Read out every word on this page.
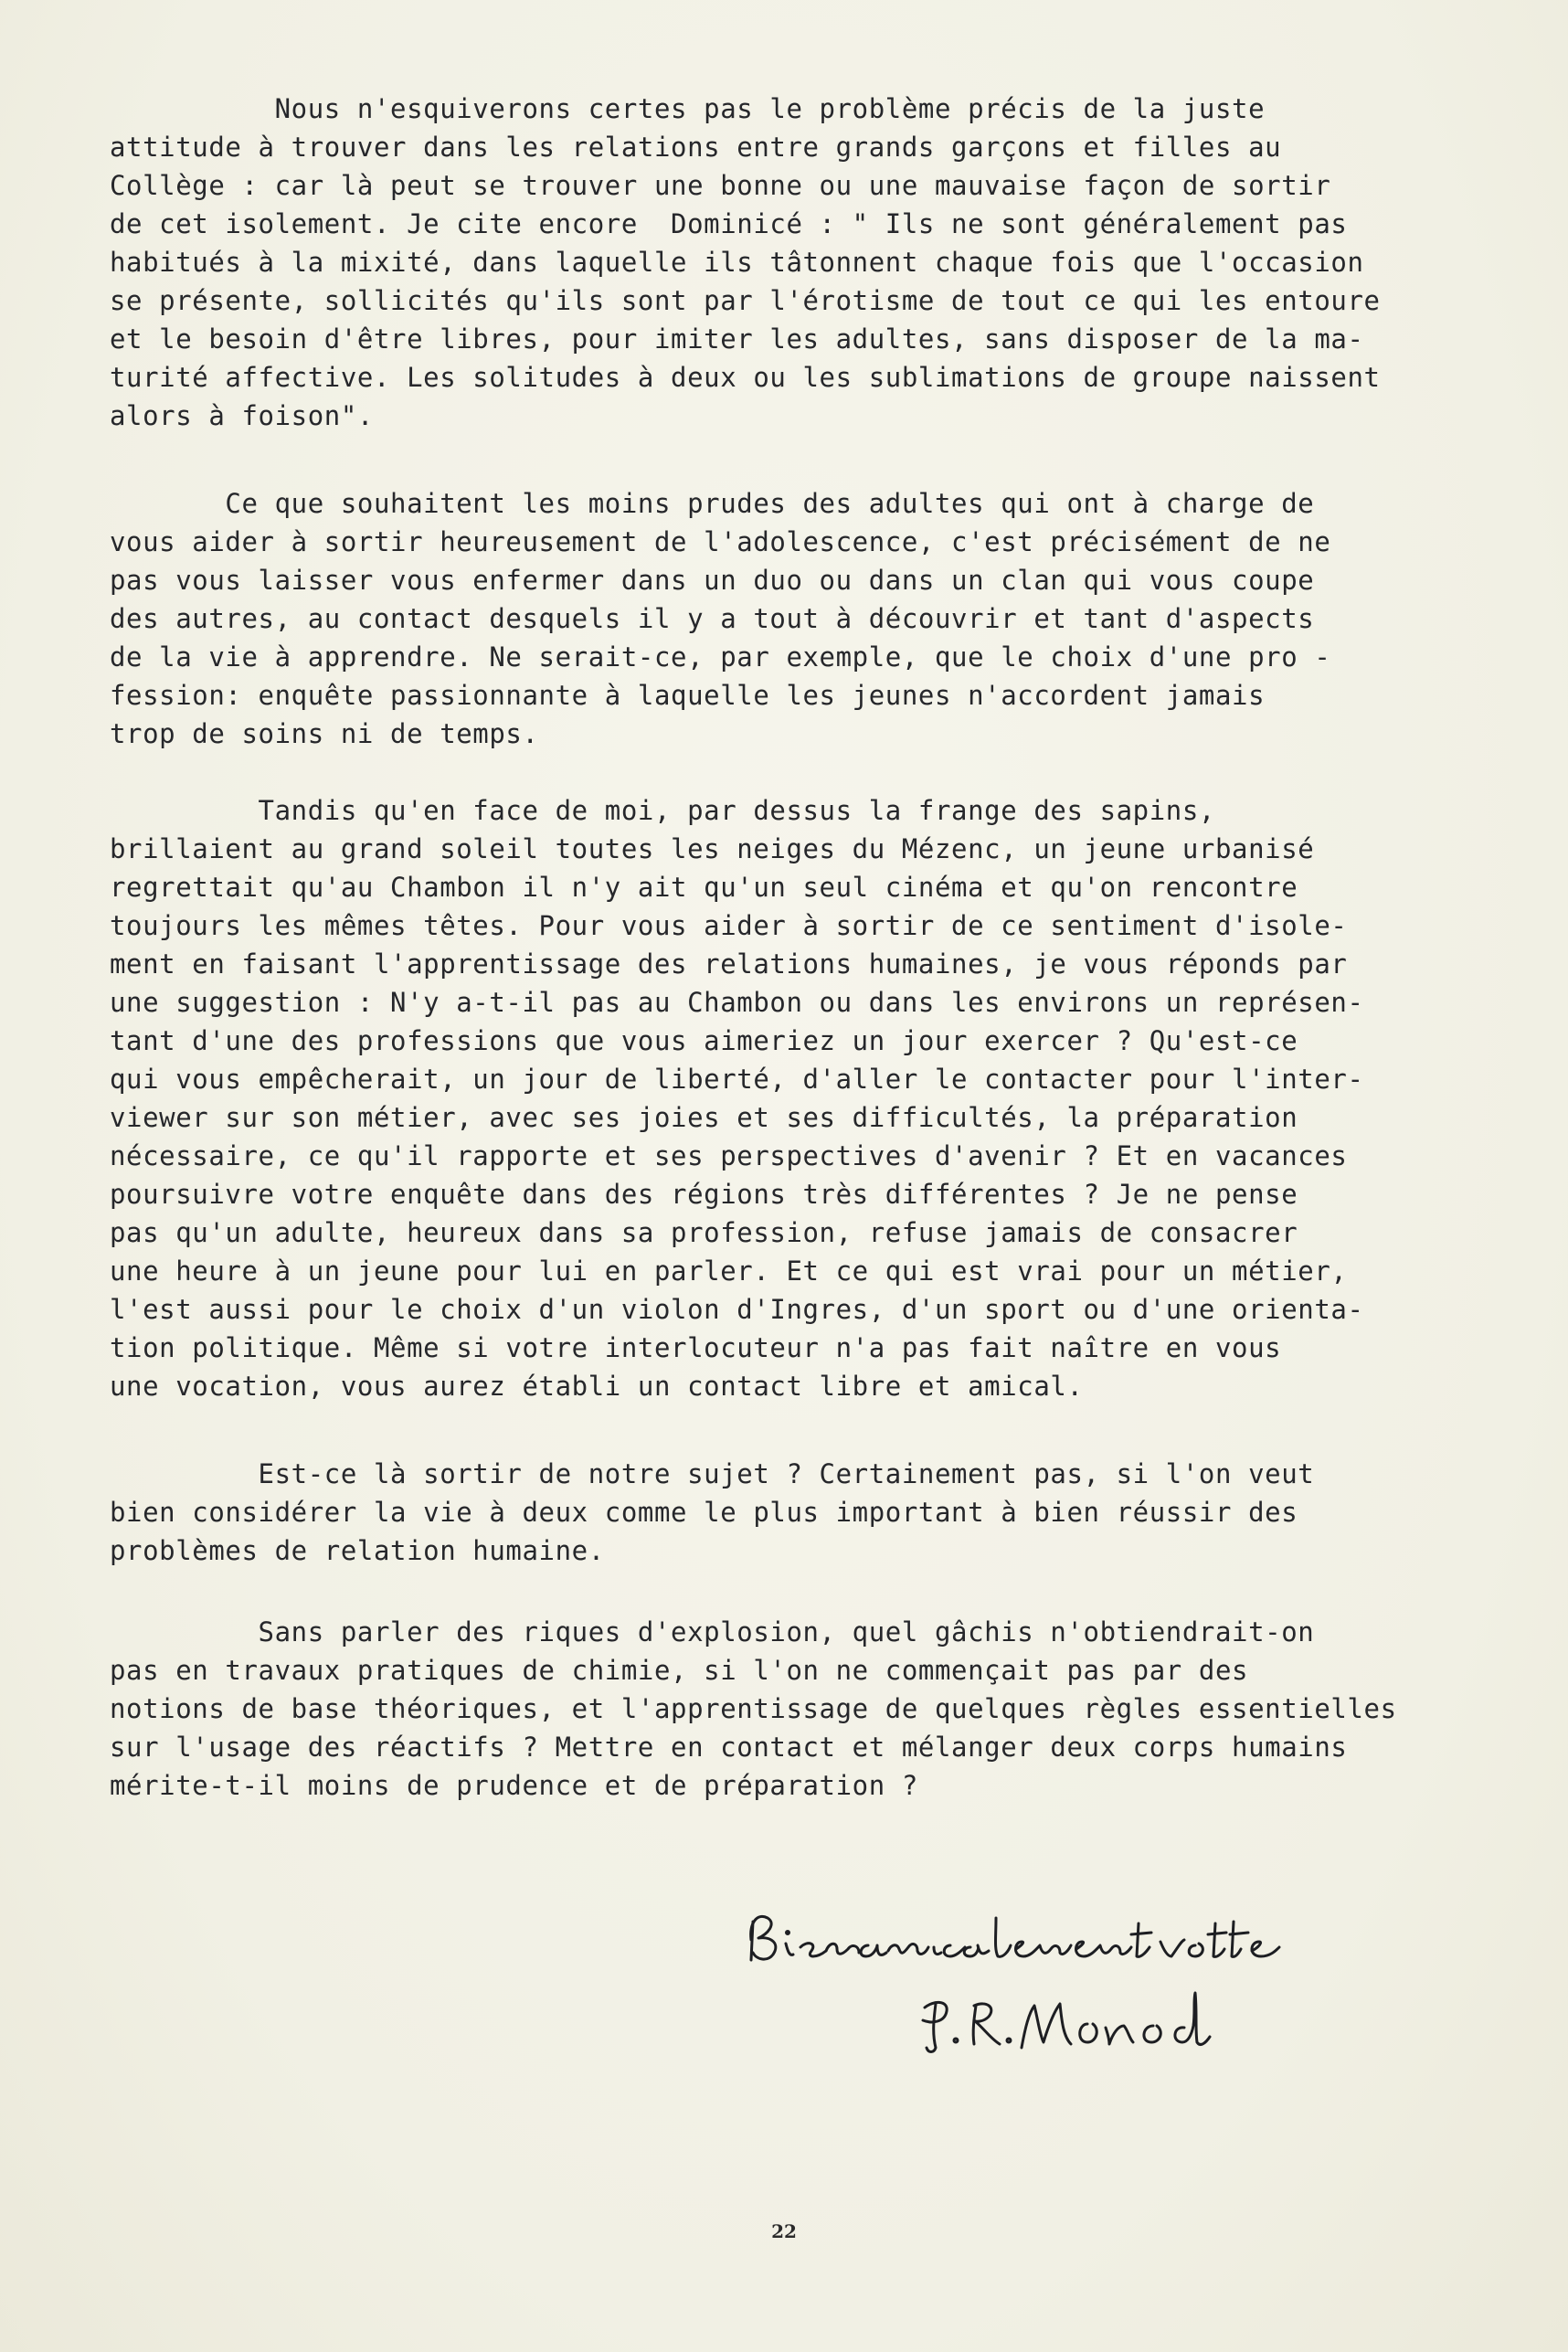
Nous n'esquiverons certes pas le problème précis de la juste
attitude à trouver dans les relations entre grands garçons et filles au
Collège : car là peut se trouver une bonne ou une mauvaise façon de sortir
de cet isolement. Je cite encore  Dominicé : " Ils ne sont généralement pas
habitués à la mixité, dans laquelle ils tâtonnent chaque fois que l'occasion
se présente, sollicités qu'ils sont par l'érotisme de tout ce qui les entoure
et le besoin d'être libres, pour imiter les adultes, sans disposer de la ma-
turité affective. Les solitudes à deux ou les sublimations de groupe naissent
alors à foison".
Ce que souhaitent les moins prudes des adultes qui ont à charge de
vous aider à sortir heureusement de l'adolescence, c'est précisément de ne
pas vous laisser vous enfermer dans un duo ou dans un clan qui vous coupe
des autres, au contact desquels il y a tout à découvrir et tant d'aspects
de la vie à apprendre. Ne serait-ce, par exemple, que le choix d'une pro -
fession: enquête passionnante à laquelle les jeunes n'accordent jamais
trop de soins ni de temps.
Tandis qu'en face de moi, par dessus la frange des sapins,
brillaient au grand soleil toutes les neiges du Mézenc, un jeune urbanisé
regrettait qu'au Chambon il n'y ait qu'un seul cinéma et qu'on rencontre
toujours les mêmes têtes. Pour vous aider à sortir de ce sentiment d'isole-
ment en faisant l'apprentissage des relations humaines, je vous réponds par
une suggestion : N'y a-t-il pas au Chambon ou dans les environs un représen-
tant d'une des professions que vous aimeriez un jour exercer ? Qu'est-ce
qui vous empêcherait, un jour de liberté, d'aller le contacter pour l'inter-
viewer sur son métier, avec ses joies et ses difficultés, la préparation
nécessaire, ce qu'il rapporte et ses perspectives d'avenir ? Et en vacances
poursuivre votre enquête dans des régions très différentes ? Je ne pense
pas qu'un adulte, heureux dans sa profession, refuse jamais de consacrer
une heure à un jeune pour lui en parler. Et ce qui est vrai pour un métier,
l'est aussi pour le choix d'un violon d'Ingres, d'un sport ou d'une orienta-
tion politique. Même si votre interlocuteur n'a pas fait naître en vous
une vocation, vous aurez établi un contact libre et amical.
Est-ce là sortir de notre sujet ? Certainement pas, si l'on veut
bien considérer la vie à deux comme le plus important à bien réussir des
problèmes de relation humaine.
Sans parler des riques d'explosion, quel gâchis n'obtiendrait-on
pas en travaux pratiques de chimie, si l'on ne commençait pas par des
notions de base théoriques, et l'apprentissage de quelques règles essentielles
sur l'usage des réactifs ? Mettre en contact et mélanger deux corps humains
mérite-t-il moins de prudence et de préparation ?
22
